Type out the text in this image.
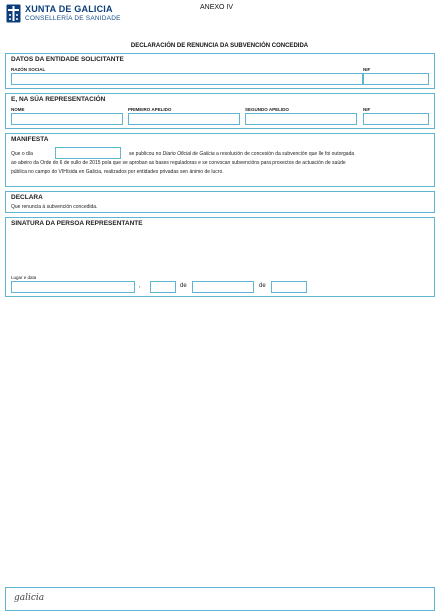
XUNTA DE GALICIA
CONSELLERÍA DE SANIDADE
ANEXO IV
DECLARACIÓN DE RENUNCIA DA SUBVENCIÓN CONCEDIDA
DATOS DA ENTIDADE SOLICITANTE
RAZÓN SOCIAL	NIF
E, NA SÚA REPRESENTACIÓN
NOME	PRIMEIRO APELIDO	SEGUNDO APELIDO	NIF
MANIFESTA
Que o día	se publicou no Diario Oficial de Galicia a resolución de concesión da subvención que lle foi outorgada
ao abeiro da Orde do 6 de xullo de 2015 pola que se aproban as bases reguladoras e se convocan subvencións para proxectos de actuación de saúde
pública no campo do VIH/sida en Galicia, realizados por entidades privadas sen ánimo de lucro.
DECLARA
Que renuncia á subvención concedida.
SINATURA DA PERSOA REPRESENTANTE
Lugar e data
,	de	de
galicia
